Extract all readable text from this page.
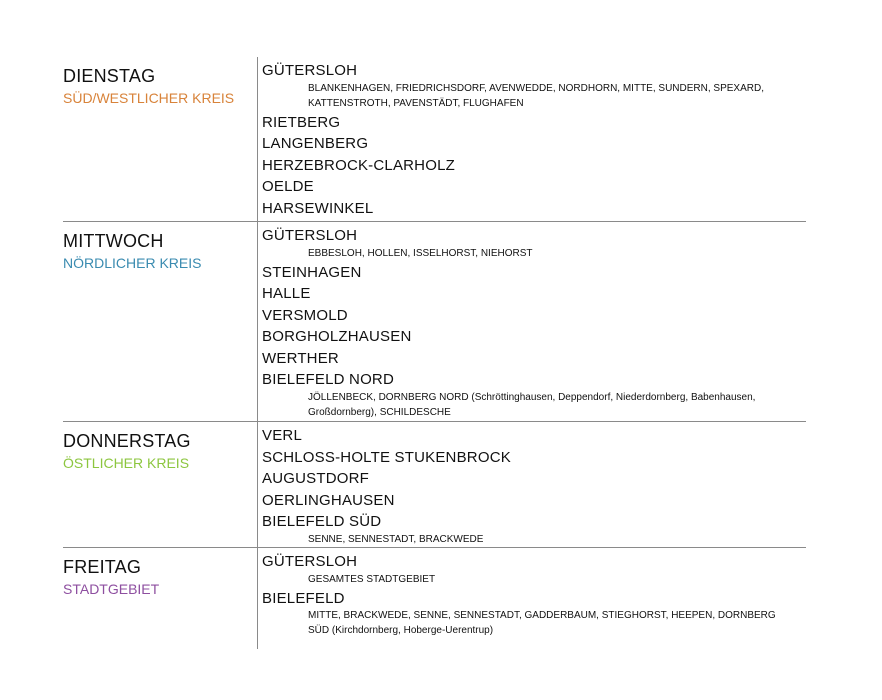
DIENSTAG
SÜD/WESTLICHER KREIS
GÜTERSLOH
BLANKENHAGEN, FRIEDRICHSDORF, AVENWEDDE, NORDHORN, MITTE, SUNDERN, SPEXARD, KATTENSTROTH, PAVENSTÄDT, FLUGHAFEN
RIETBERG
LANGENBERG
HERZEBROCK-CLARHOLZ
OELDE
HARSEWINKEL
MITTWOCH
NÖRDLICHER KREIS
GÜTERSLOH
EBBESLOH, HOLLEN, ISSELHORST, NIEHORST
STEINHAGEN
HALLE
VERSMOLD
BORGHOLZHAUSEN
WERTHER
BIELEFELD NORD
JÖLLENBECK, DORNBERG NORD (Schröttinghausen, Deppendorf, Niederdornberg, Babenhausen, Großdornberg), SCHILDESCHE
DONNERSTAG
ÖSTLICHER KREIS
VERL
SCHLOSS-HOLTE STUKENBROCK
AUGUSTDORF
OERLINGHAUSEN
BIELEFELD SÜD
SENNE, SENNESTADT, BRACKWEDE
FREITAG
STADTGEBIET
GÜTERSLOH
GESAMTES STADTGEBIET
BIELEFELD
MITTE, BRACKWEDE, SENNE, SENNESTADT, GADDERBAUM, STIEGHORST, HEEPEN, DORNBERG SÜD (Kirchdornberg, Hoberge-Uerentrup)
